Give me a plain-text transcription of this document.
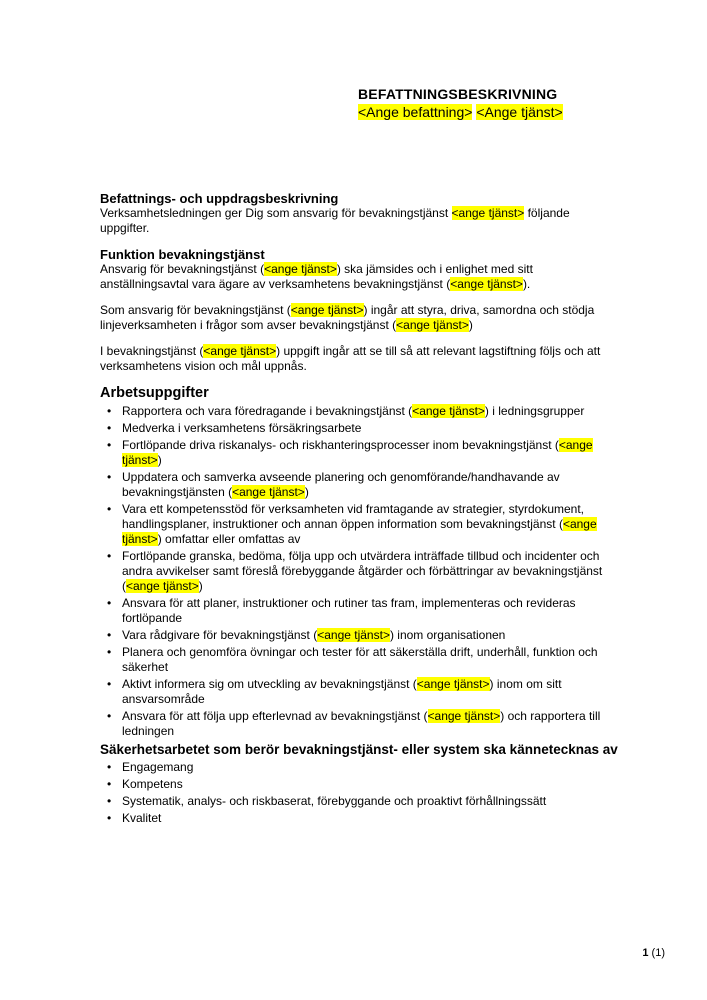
BEFATTNINGSBESKRIVNING
<Ange befattning> <Ange tjänst>
Befattnings- och uppdragsbeskrivning

Verksamhetsledningen ger Dig som ansvarig för bevakningstjänst <ange tjänst> följande uppgifter.

Funktion bevakningstjänst

Ansvarig för bevakningstjänst (<ange tjänst>) ska jämsides och i enlighet med sitt anställningsavtal vara ägare av verksamhetens bevakningstjänst (<ange tjänst>).

Som ansvarig för bevakningstjänst (<ange tjänst>) ingår att styra, driva, samordna och stödja linjeverksamheten i frågor som avser bevakningstjänst (<ange tjänst>)

I bevakningstjänst (<ange tjänst>) uppgift ingår att se till så att relevant lagstiftning följs och att verksamhetens vision och mål uppnås.

Arbetsuppgifter
• Rapportera och vara föredragande i bevakningstjänst (<ange tjänst>) i ledningsgrupper
• Medverka i verksamhetens försäkringsarbete
• Fortlöpande driva riskanalys- och riskhanteringsprocesser inom bevakningstjänst (<ange tjänst>)
• Uppdatera och samverka avseende planering och genomförande/handhavande av bevakningstjänsten (<ange tjänst>)
• Vara ett kompetensstöd för verksamheten vid framtagande av strategier, styrdokument, handlingsplaner, instruktioner och annan öppen information som bevakningstjänst (<ange tjänst>) omfattar eller omfattas av
• Fortlöpande granska, bedöma, följa upp och utvärdera inträffade tillbud och incidenter och andra avvikelser samt föreslå förebyggande åtgärder och förbättringar av bevakningstjänst (<ange tjänst>)
• Ansvara för att planer, instruktioner och rutiner tas fram, implementeras och revideras fortlöpande
• Vara rådgivare för bevakningstjänst (<ange tjänst>) inom organisationen
• Planera och genomföra övningar och tester för att säkerställa drift, underhåll, funktion och säkerhet
• Aktivt informera sig om utveckling av bevakningstjänst (<ange tjänst>) inom om sitt ansvarsområde
• Ansvara för att följa upp efterlevnad av bevakningstjänst (<ange tjänst>) och rapportera till ledningen
Säkerhetsarbetet som berör bevakningstjänst- eller system ska kännetecknas av
• Engagemang
• Kompetens
• Systematik, analys- och riskbaserat, förebyggande och proaktivt förhållningssätt
• Kvalitet
1 (1)
